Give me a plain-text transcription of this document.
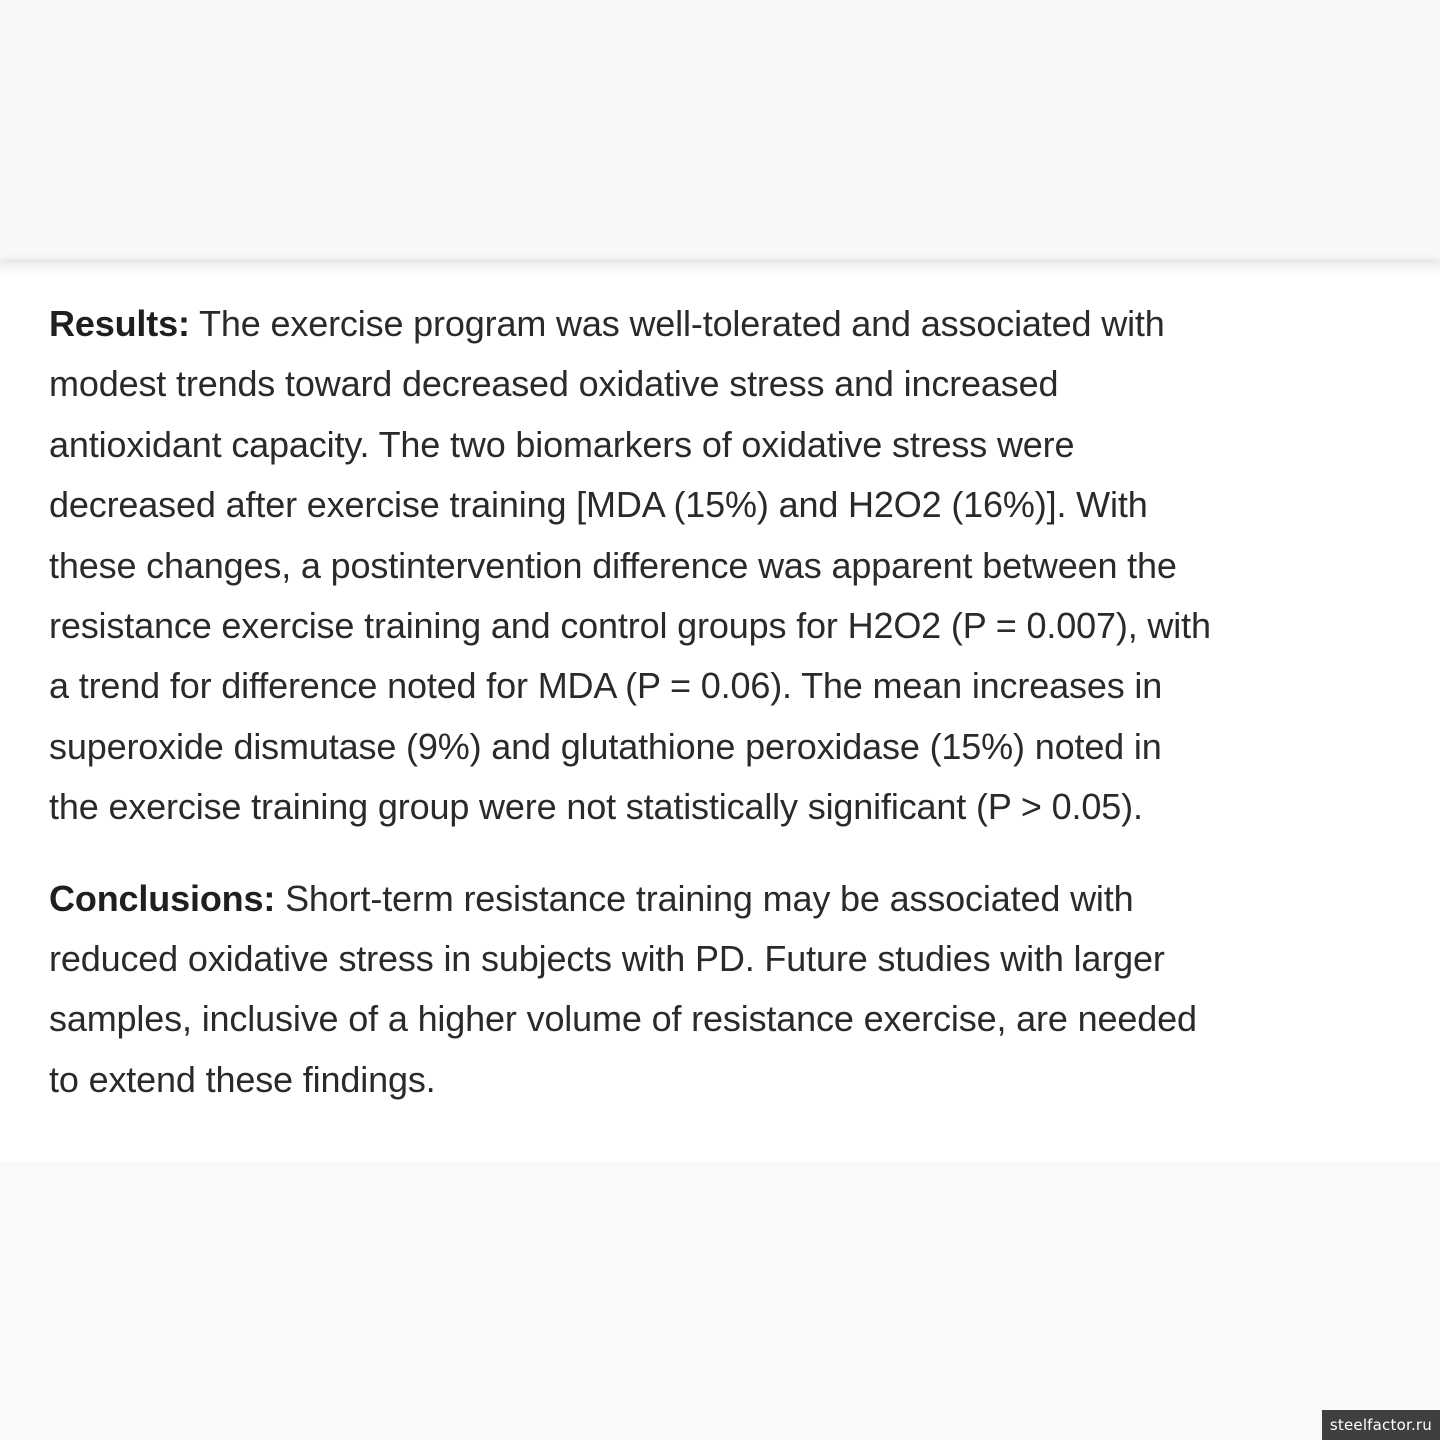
Results: The exercise program was well-tolerated and associated with
modest trends toward decreased oxidative stress and increased
antioxidant capacity. The two biomarkers of oxidative stress were
decreased after exercise training [MDA (15%) and H2O2 (16%)]. With
these changes, a postintervention difference was apparent between the
resistance exercise training and control groups for H2O2 (P = 0.007), with
a trend for difference noted for MDA (P = 0.06). The mean increases in
superoxide dismutase (9%) and glutathione peroxidase (15%) noted in
the exercise training group were not statistically significant (P > 0.05).

Conclusions: Short-term resistance training may be associated with
reduced oxidative stress in subjects with PD. Future studies with larger
samples, inclusive of a higher volume of resistance exercise, are needed
to extend these findings.

steelfactor.ru
